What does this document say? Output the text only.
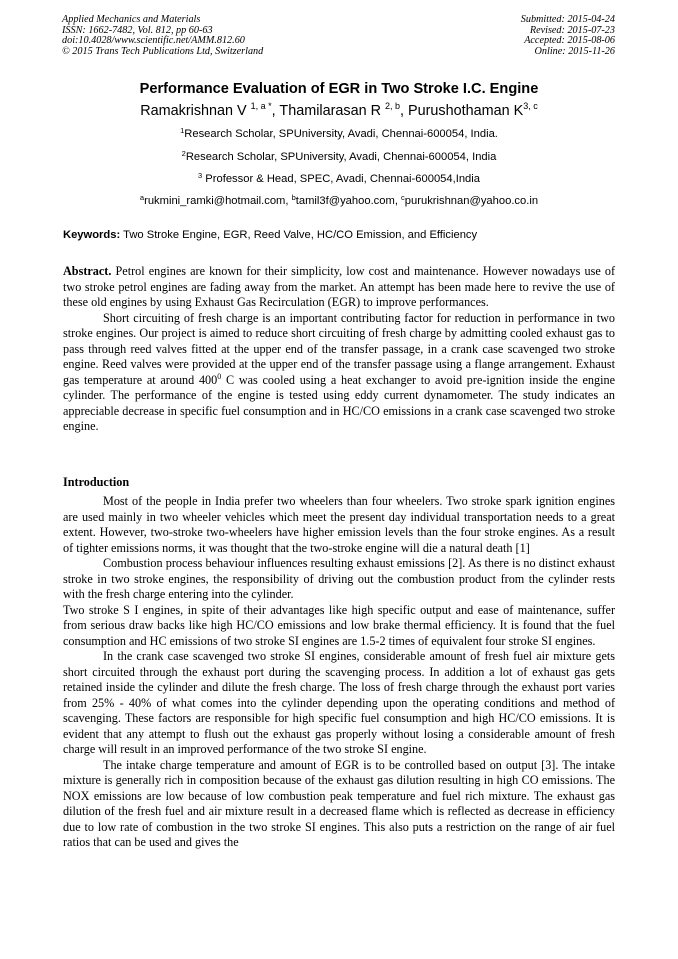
Applied Mechanics and Materials
ISSN: 1662-7482, Vol. 812, pp 60-63
doi:10.4028/www.scientific.net/AMM.812.60
© 2015 Trans Tech Publications Ltd, Switzerland
Submitted: 2015-04-24
Revised: 2015-07-23
Accepted: 2015-08-06
Online: 2015-11-26
Performance Evaluation of EGR in Two Stroke I.C. Engine
Ramakrishnan V $^{1, a *}$, Thamilarasan R $^{2, b}$, Purushothaman K$^{3, c}$
$^1$Research Scholar, SPUniversity, Avadi, Chennai-600054, India.
$^2$Research Scholar, SPUniversity, Avadi, Chennai-600054, India
$^3$ Professor & Head, SPEC, Avadi, Chennai-600054,India
$^a$rukmini_ramki@hotmail.com, $^b$tamil3f@yahoo.com, $^c$purukrishnan@yahoo.co.in
Keywords: Two Stroke Engine, EGR, Reed Valve, HC/CO Emission, and Efficiency

Abstract. Petrol engines are known for their simplicity, low cost and maintenance. However nowadays use of two stroke petrol engines are fading away from the market. An attempt has been made here to revive the use of these old engines by using Exhaust Gas Recirculation (EGR) to improve performances.

Short circuiting of fresh charge is an important contributing factor for reduction in performance in two stroke engines. Our project is aimed to reduce short circuiting of fresh charge by admitting cooled exhaust gas to pass through reed valves fitted at the upper end of the transfer passage, in a crank case scavenged two stroke engine. Reed valves were provided at the upper end of the transfer passage using a flange arrangement. Exhaust gas temperature at around $400^0$ C was cooled using a heat exchanger to avoid pre-ignition inside the engine cylinder. The performance of the engine is tested using eddy current dynamometer. The study indicates an appreciable decrease in specific fuel consumption and in HC/CO emissions in a crank case scavenged two stroke engine.

Introduction

Most of the people in India prefer two wheelers than four wheelers. Two stroke spark ignition engines are used mainly in two wheeler vehicles which meet the present day individual transportation needs to a great extent. However, two-stroke two-wheelers have higher emission levels than the four stroke engines. As a result of tighter emissions norms, it was thought that the two-stroke engine will die a natural death [1]

Combustion process behaviour influences resulting exhaust emissions [2]. As there is no distinct exhaust stroke in two stroke engines, the responsibility of driving out the combustion product from the cylinder rests with the fresh charge entering into the cylinder.

Two stroke S I engines, in spite of their advantages like high specific output and ease of maintenance, suffer from serious draw backs like high HC/CO emissions and low brake thermal efficiency. It is found that the fuel consumption and HC emissions of two stroke SI engines are 1.5-2 times of equivalent four stroke SI engines.

In the crank case scavenged two stroke SI engines, considerable amount of fresh fuel air mixture gets short circuited through the exhaust port during the scavenging process. In addition a lot of exhaust gas gets retained inside the cylinder and dilute the fresh charge. The loss of fresh charge through the exhaust port varies from 25% - 40% of what comes into the cylinder depending upon the operating conditions and method of scavenging. These factors are responsible for high specific fuel consumption and high HC/CO emissions. It is evident that any attempt to flush out the exhaust gas properly without losing a considerable amount of fresh charge will result in an improved performance of the two stroke SI engine.

The intake charge temperature and amount of EGR is to be controlled based on output [3]. The intake mixture is generally rich in composition because of the exhaust gas dilution resulting in high CO emissions. The NOX emissions are low because of low combustion peak temperature and fuel rich mixture. The exhaust gas dilution of the fresh fuel and air mixture result in a decreased flame which is reflected as decrease in efficiency due to low rate of combustion in the two stroke SI engines. This also puts a restriction on the range of air fuel ratios that can be used and gives the
